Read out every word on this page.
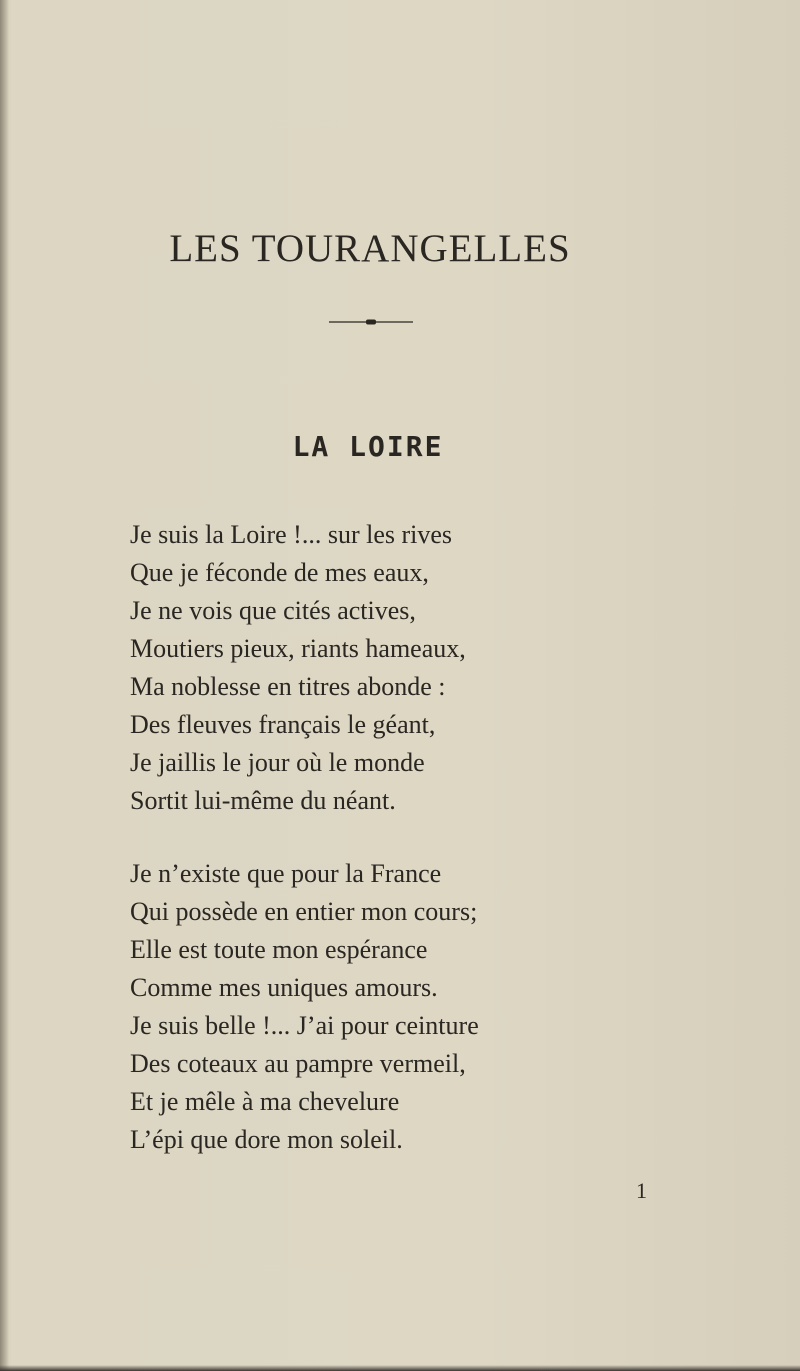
LES TOURANGELLES
LA LOIRE
Je suis la Loire !... sur les rives
Que je féconde de mes eaux,
Je ne vois que cités actives,
Moutiers pieux, riants hameaux,
Ma noblesse en titres abonde :
Des fleuves français le géant,
Je jaillis le jour où le monde
Sortit lui-même du néant.
Je n’existe que pour la France
Qui possède en entier mon cours;
Elle est toute mon espérance
Comme mes uniques amours.
Je suis belle !... J’ai pour ceinture
Des coteaux au pampre vermeil,
Et je mêle à ma chevelure
L’épi que dore mon soleil.
1
